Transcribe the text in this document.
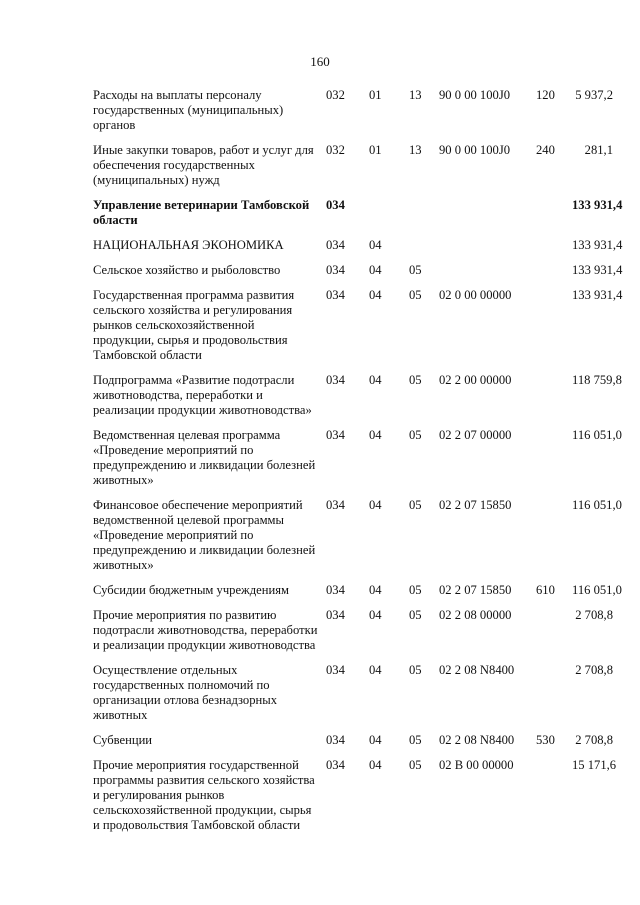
160
Расходы на выплаты персоналу государственных (муниципальных) органов	032	01	13	90 0 00 100J0	120	5 937,2
Иные закупки товаров, работ и услуг для обеспечения государственных (муниципальных) нужд	032	01	13	90 0 00 100J0	240	281,1
Управление ветеринарии Тамбовской области	034					133 931,4
НАЦИОНАЛЬНАЯ ЭКОНОМИКА	034	04				133 931,4
Сельское хозяйство и рыболовство	034	04	05			133 931,4
Государственная программа развития сельского хозяйства и регулирования рынков сельскохозяйственной продукции, сырья и продовольствия Тамбовской области	034	04	05	02 0 00 00000		133 931,4
Подпрограмма «Развитие подотрасли животноводства, переработки и реализации продукции животноводства»	034	04	05	02 2 00 00000		118 759,8
Ведомственная целевая программа «Проведение мероприятий по предупреждению и ликвидации болезней животных»	034	04	05	02 2 07 00000		116 051,0
Финансовое обеспечение мероприятий ведомственной целевой программы «Проведение мероприятий по предупреждению и ликвидации болезней животных»	034	04	05	02 2 07 15850		116 051,0
Субсидии бюджетным учреждениям	034	04	05	02 2 07 15850	610	116 051,0
Прочие мероприятия по развитию подотрасли животноводства, переработки и реализации продукции животноводства	034	04	05	02 2 08 00000		2 708,8
Осуществление отдельных государственных полномочий по организации отлова безнадзорных животных	034	04	05	02 2 08 N8400		2 708,8
Субвенции	034	04	05	02 2 08 N8400	530	2 708,8
Прочие мероприятия государственной программы развития сельского хозяйства и регулирования рынков сельскохозяйственной продукции, сырья и продовольствия Тамбовской области	034	04	05	02 В 00 00000		15 171,6
